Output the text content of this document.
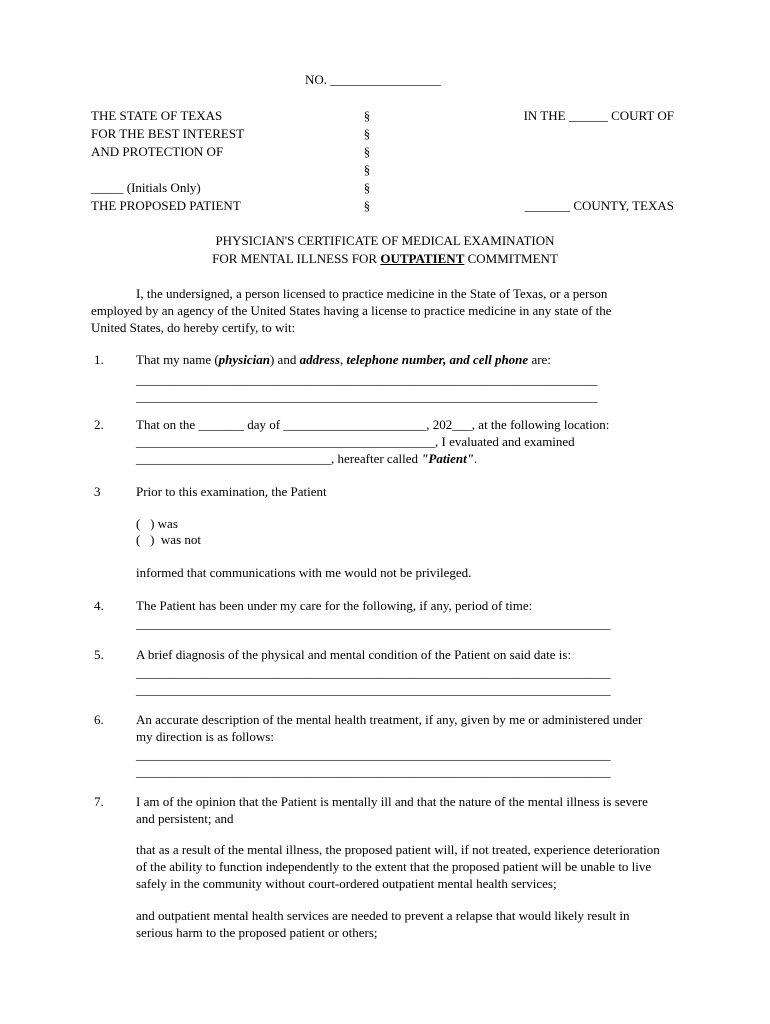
NO. _________________
THE STATE OF TEXAS
FOR THE BEST INTEREST
AND PROTECTION OF
_____ (Initials Only)
THE PROPOSED PATIENT
§
§
§
§
§
§
IN THE ______ COURT OF
_______ COUNTY, TEXAS
PHYSICIAN'S CERTIFICATE OF MEDICAL EXAMINATION
FOR MENTAL ILLNESS FOR OUTPATIENT COMMITMENT
I, the undersigned, a person licensed to practice medicine in the State of Texas, or a person
employed by an agency of the United States having a license to practice medicine in any state of the
United States, do hereby certify, to wit:
1. That my name (physician) and address, telephone number, and cell phone are:
_______________________________________________________________________
_______________________________________________________________________
2. That on the _______ day of ______________________, 202___, at the following location:
______________________________________________, I evaluated and examined
______________________________, hereafter called "Patient".
3	Prior to this examination, the Patient
(   ) was
(   )  was not
informed that communications with me would not be privileged.
4. The Patient has been under my care for the following, if any, period of time:
_________________________________________________________________________
5. A brief diagnosis of the physical and mental condition of the Patient on said date is:
_________________________________________________________________________
_________________________________________________________________________
6. An accurate description of the mental health treatment, if any, given by me or administered under
my direction is as follows:
_________________________________________________________________________
_________________________________________________________________________
7. I am of the opinion that the Patient is mentally ill and that the nature of the mental illness is severe
and persistent; and
that as a result of the mental illness, the proposed patient will, if not treated, experience deterioration
of the ability to function independently to the extent that the proposed patient will be unable to live
safely in the community without court-ordered outpatient mental health services;
and outpatient mental health services are needed to prevent a relapse that would likely result in
serious harm to the proposed patient or others;
